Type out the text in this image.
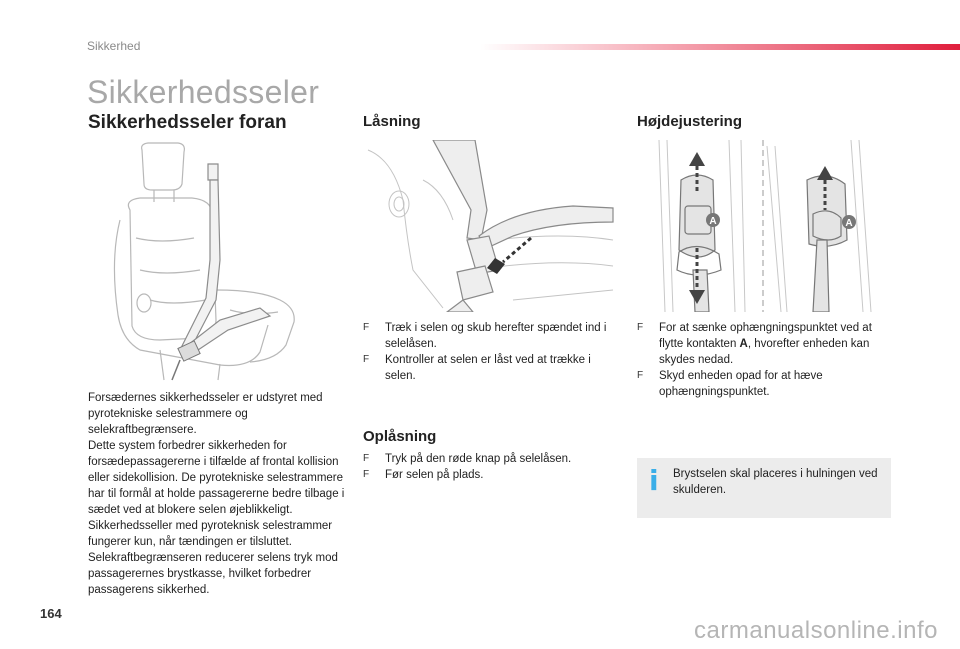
Sikkerhed
Sikkerhedsseler
Sikkerhedsseler foran	Låsning	Højdejustering
Oplåsning
A	A

Forsædernes sikkerhedsseler er udstyret med pyrotekniske selestrammere og selekraftbegrænsere.

Dette system forbedrer sikkerheden for forsædepassagererne i tilfælde af frontal kollision eller sidekollision. De pyrotekniske selestrammere har til formål at holde passagererne bedre tilbage i sædet ved at blokere selen øjeblikkeligt.

Sikkerhedsseller med pyroteknisk selestrammer fungerer kun, når tændingen er tilsluttet.

Selekraftbegrænseren reducerer selens tryk mod passagerernes brystkasse, hvilket forbedrer passagerens sikkerhed.

F Træk i selen og skub herefter spændet ind i selelåsen.
F Kontroller at selen er låst ved at trække i selen.
F Tryk på den røde knap på selelåsen.
F Før selen på plads.
F For at sænke ophængningspunktet ved at flytte kontakten A, hvorefter enheden kan skydes nedad.
F Skyd enheden opad for at hæve ophængningspunktet.
i Brystselen skal placeres i hulningen ved skulderen.
164
carmanualsonline.info
